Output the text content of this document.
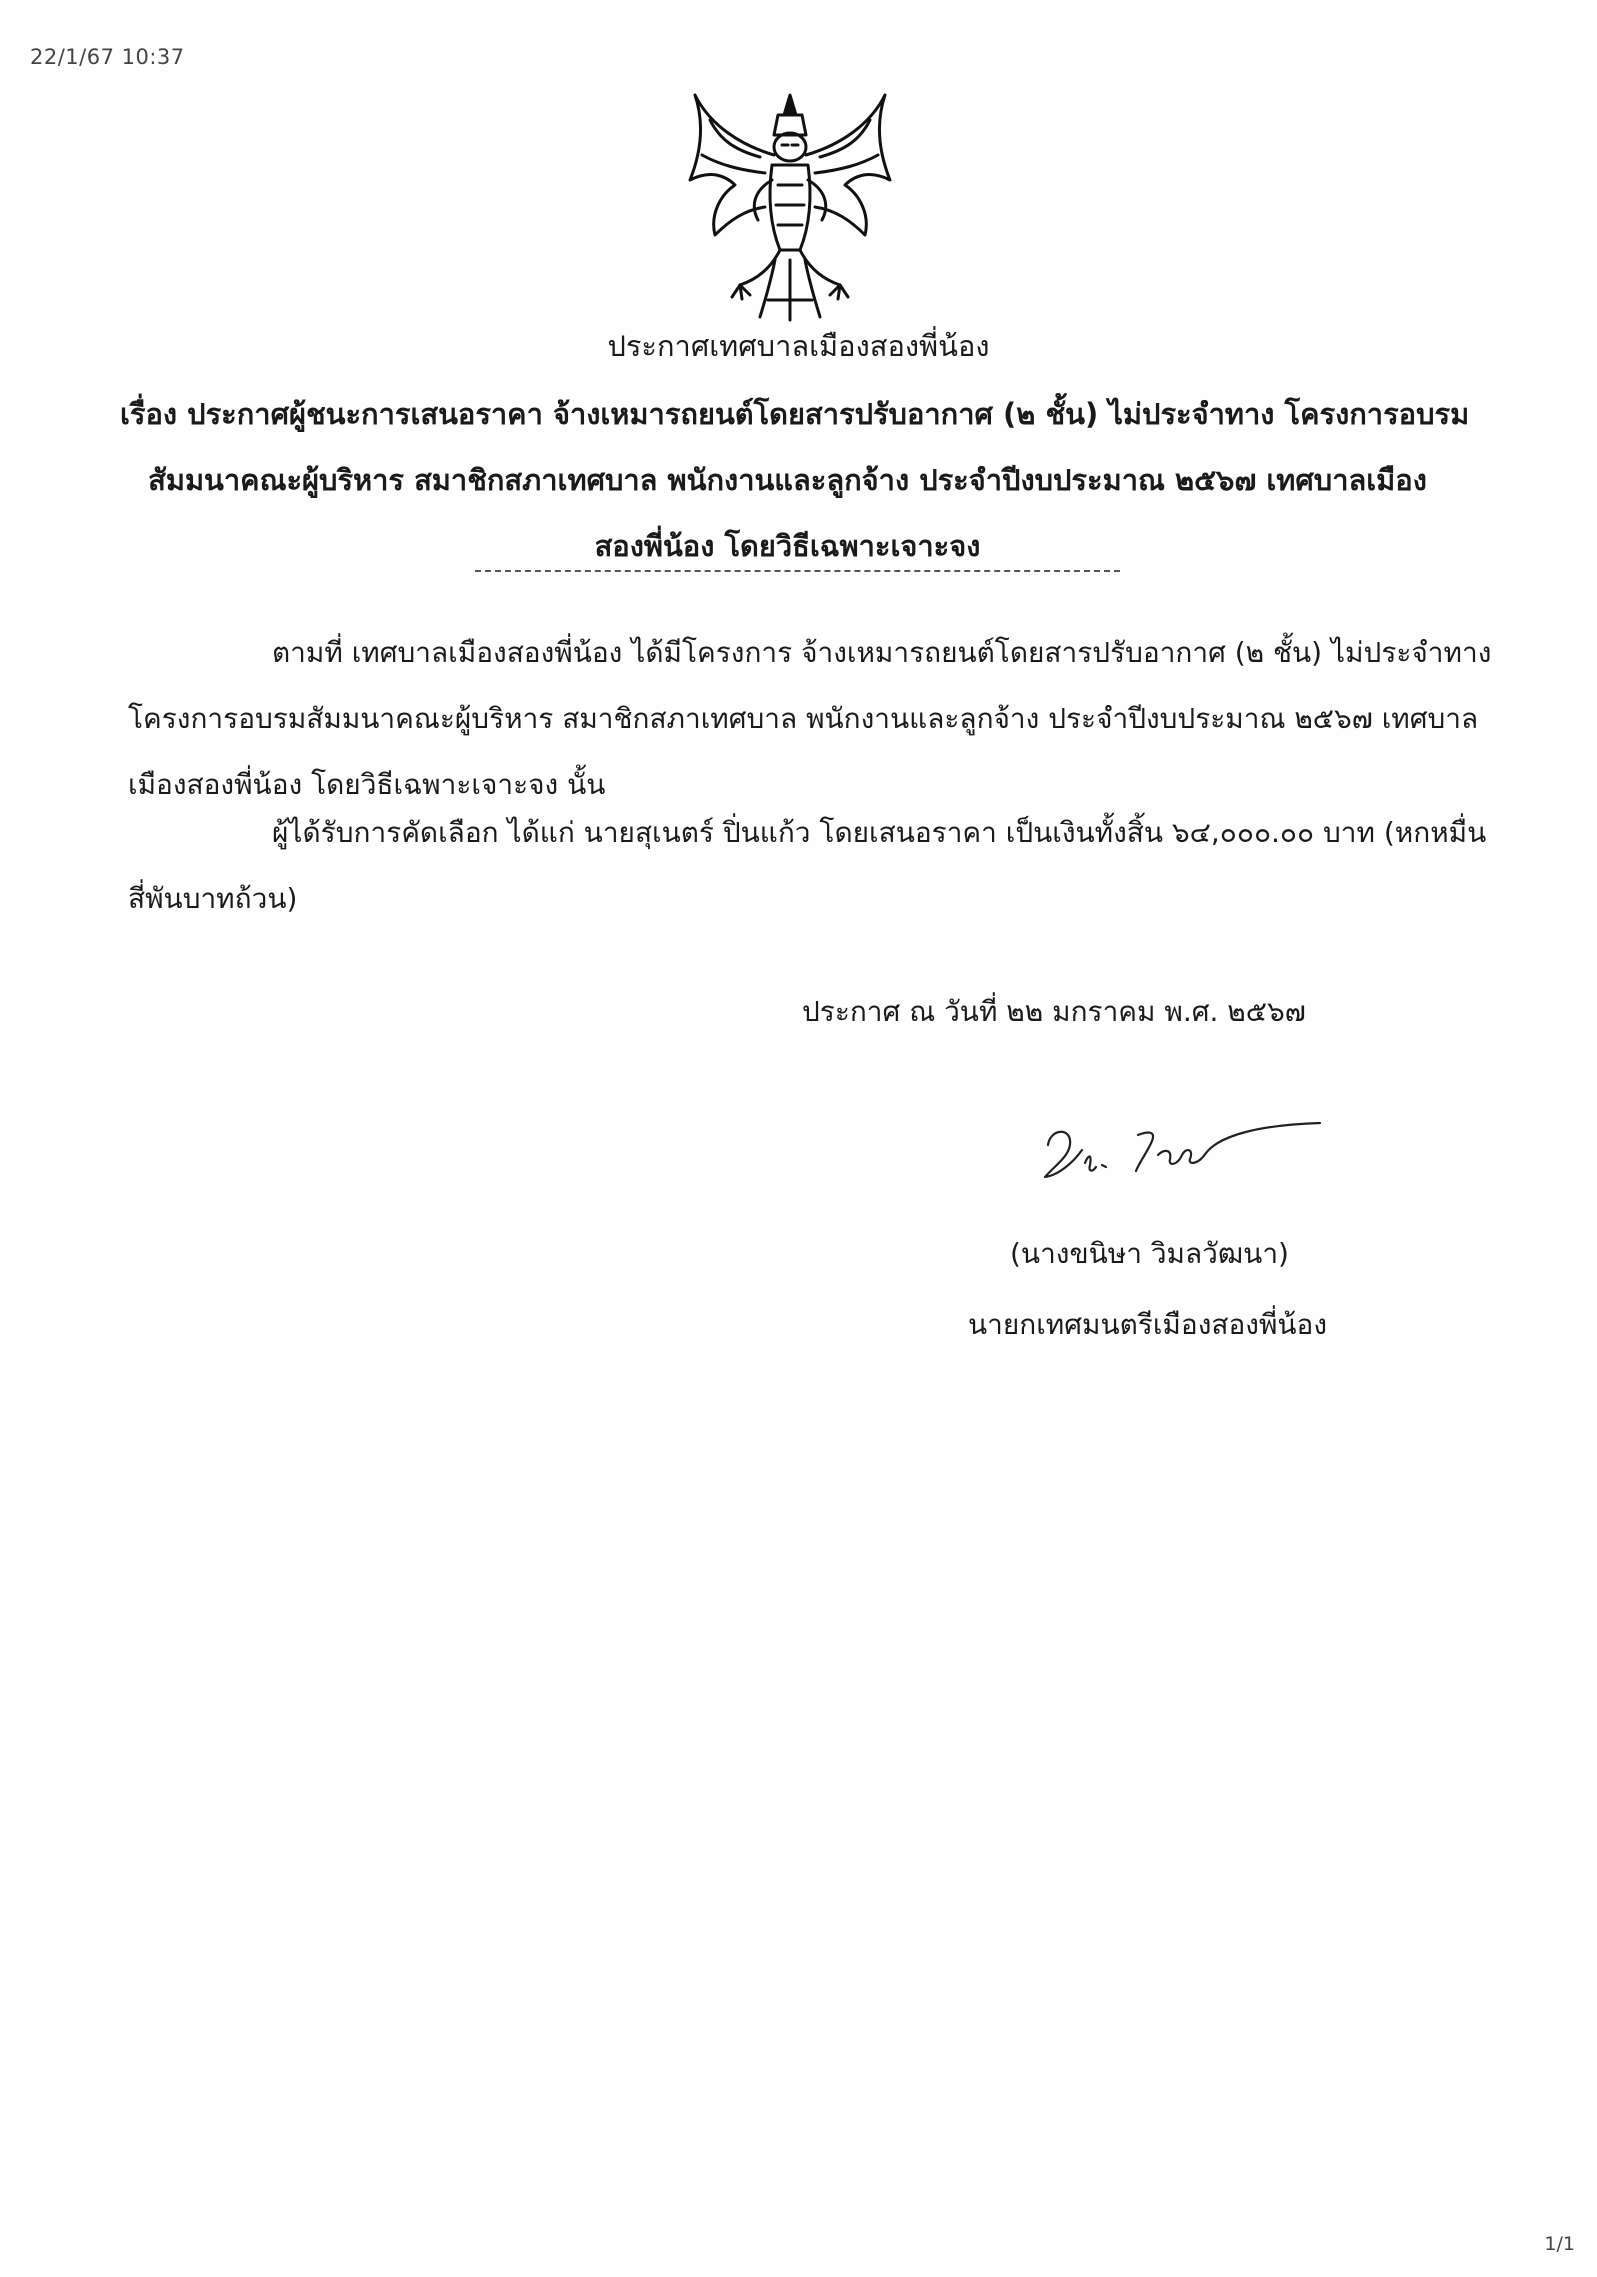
22/1/67 10:37
ประกาศเทศบาลเมืองสองพี่น้อง
เรื่อง ประกาศผู้ชนะการเสนอราคา จ้างเหมารถยนต์โดยสารปรับอากาศ (๒ ชั้น) ไม่ประจำทาง โครงการอบรม
สัมมนาคณะผู้บริหาร สมาชิกสภาเทศบาล พนักงานและลูกจ้าง ประจำปีงบประมาณ ๒๕๖๗ เทศบาลเมือง
สองพี่น้อง โดยวิธีเฉพาะเจาะจง
ตามที่ เทศบาลเมืองสองพี่น้อง ได้มีโครงการ จ้างเหมารถยนต์โดยสารปรับอากาศ (๒ ชั้น) ไม่ประจำทาง
โครงการอบรมสัมมนาคณะผู้บริหาร สมาชิกสภาเทศบาล พนักงานและลูกจ้าง ประจำปีงบประมาณ ๒๕๖๗ เทศบาล
เมืองสองพี่น้อง โดยวิธีเฉพาะเจาะจง นั้น
ผู้ได้รับการคัดเลือก ได้แก่ นายสุเนตร์ ปิ่นแก้ว โดยเสนอราคา เป็นเงินทั้งสิ้น ๖๔,๐๐๐.๐๐ บาท (หกหมื่น
สี่พันบาทถ้วน)
ประกาศ ณ วันที่ ๒๒ มกราคม พ.ศ. ๒๕๖๗
(นางขนิษา วิมลวัฒนา)
นายกเทศมนตรีเมืองสองพี่น้อง
1/1
